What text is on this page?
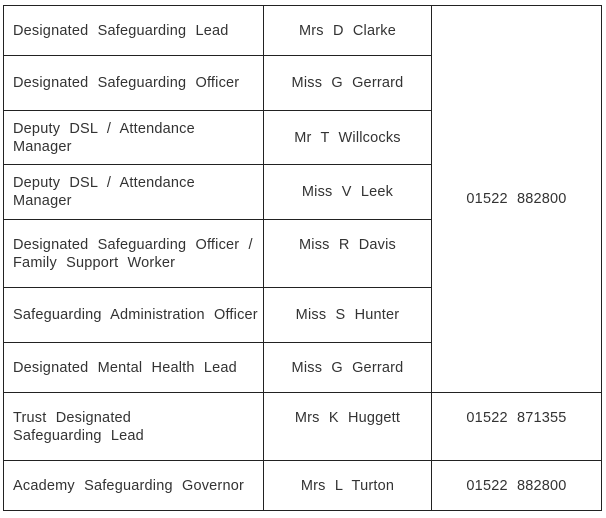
Designated Safeguarding Lead	Mrs D Clarke	01522 882800

Designated Safeguarding Officer	Miss G Gerrard	

Deputy DSL / Attendance Manager	Mr T Willcocks	

Deputy DSL / Attendance Manager	Miss V Leek	

Designated Safeguarding Officer /
Family Support Worker	Miss R Davis	

Safeguarding Administration Officer	Miss S Hunter	

Designated Mental Health Lead	Miss G Gerrard	

Trust Designated
Safeguarding Lead	Mrs K Huggett	01522 871355

Academy Safeguarding Governor	Mrs L Turton	01522 882800
